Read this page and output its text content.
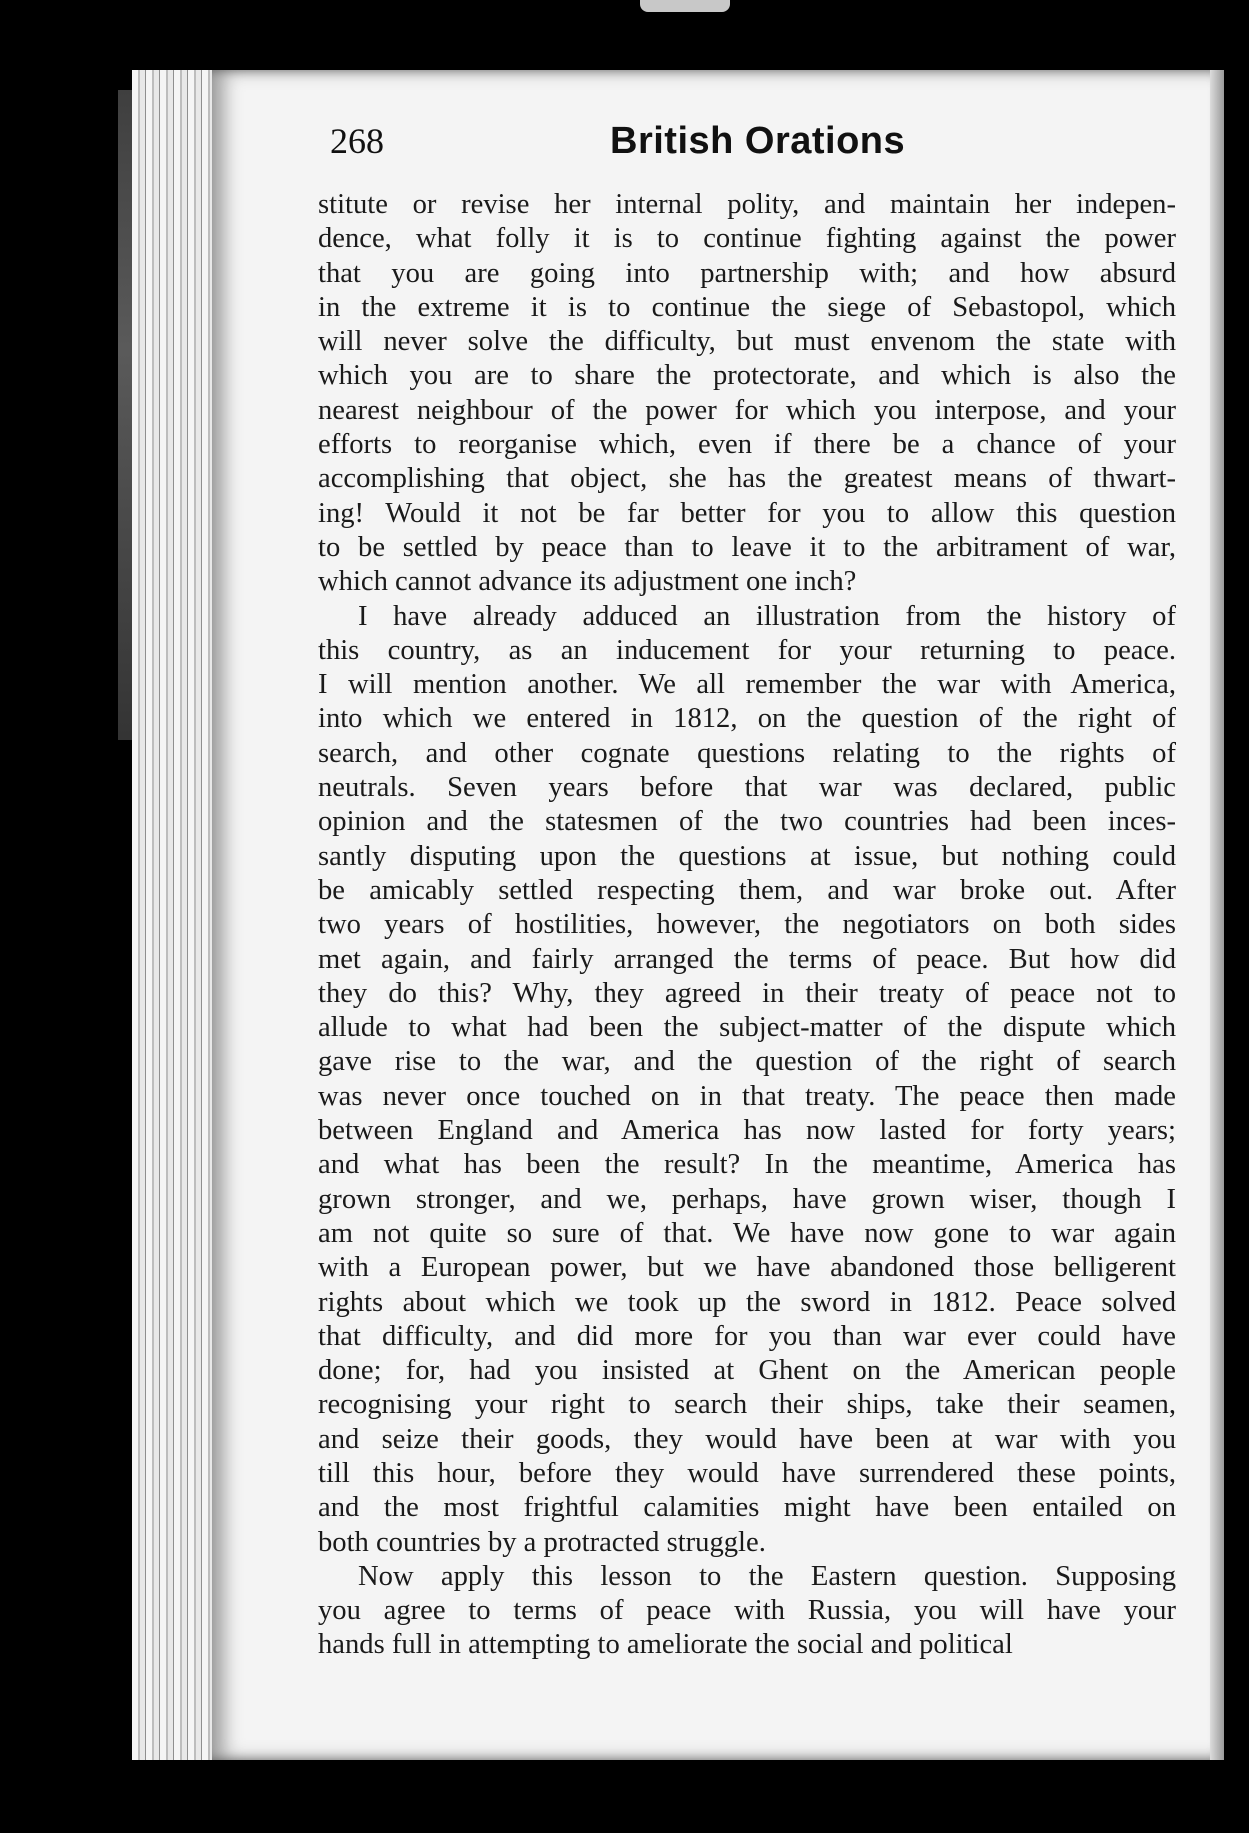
268	British Orations
stitute or revise her internal polity, and maintain her indepen-
dence, what folly it is to continue fighting against the power
that you are going into partnership with; and how absurd
in the extreme it is to continue the siege of Sebastopol, which
will never solve the difficulty, but must envenom the state with
which you are to share the protectorate, and which is also the
nearest neighbour of the power for which you interpose, and your
efforts to reorganise which, even if there be a chance of your
accomplishing that object, she has the greatest means of thwart-
ing! Would it not be far better for you to allow this question
to be settled by peace than to leave it to the arbitrament of war,
which cannot advance its adjustment one inch?
I have already adduced an illustration from the history of
this country, as an inducement for your returning to peace.
I will mention another. We all remember the war with America,
into which we entered in 1812, on the question of the right of
search, and other cognate questions relating to the rights of
neutrals. Seven years before that war was declared, public
opinion and the statesmen of the two countries had been inces-
santly disputing upon the questions at issue, but nothing could
be amicably settled respecting them, and war broke out. After
two years of hostilities, however, the negotiators on both sides
met again, and fairly arranged the terms of peace. But how did
they do this? Why, they agreed in their treaty of peace not to
allude to what had been the subject-matter of the dispute which
gave rise to the war, and the question of the right of search
was never once touched on in that treaty. The peace then made
between England and America has now lasted for forty years;
and what has been the result? In the meantime, America has
grown stronger, and we, perhaps, have grown wiser, though I
am not quite so sure of that. We have now gone to war again
with a European power, but we have abandoned those belligerent
rights about which we took up the sword in 1812. Peace solved
that difficulty, and did more for you than war ever could have
done; for, had you insisted at Ghent on the American people
recognising your right to search their ships, take their seamen,
and seize their goods, they would have been at war with you
till this hour, before they would have surrendered these points,
and the most frightful calamities might have been entailed on
both countries by a protracted struggle.
Now apply this lesson to the Eastern question. Supposing
you agree to terms of peace with Russia, you will have your
hands full in attempting to ameliorate the social and political
